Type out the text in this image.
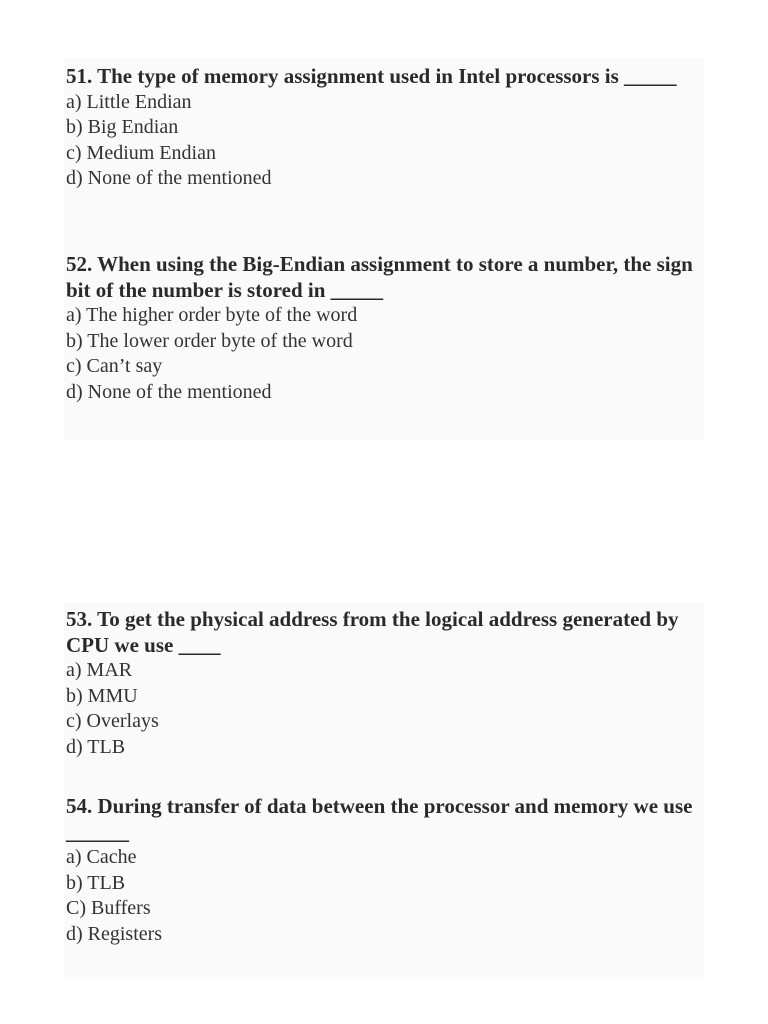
51. The type of memory assignment used in Intel processors is _____

a) Little Endian
b) Big Endian
c) Medium Endian
d) None of the mentioned

52. When using the Big-Endian assignment to store a number, the sign bit of the number is stored in _____

a) The higher order byte of the word
b) The lower order byte of the word
c) Can’t say
d) None of the mentioned

53. To get the physical address from the logical address generated by CPU we use ____

a) MAR
b) MMU
c) Overlays
d) TLB

54. During transfer of data between the processor and memory we use ______

a) Cache
b) TLB
C) Buffers
d) Registers
